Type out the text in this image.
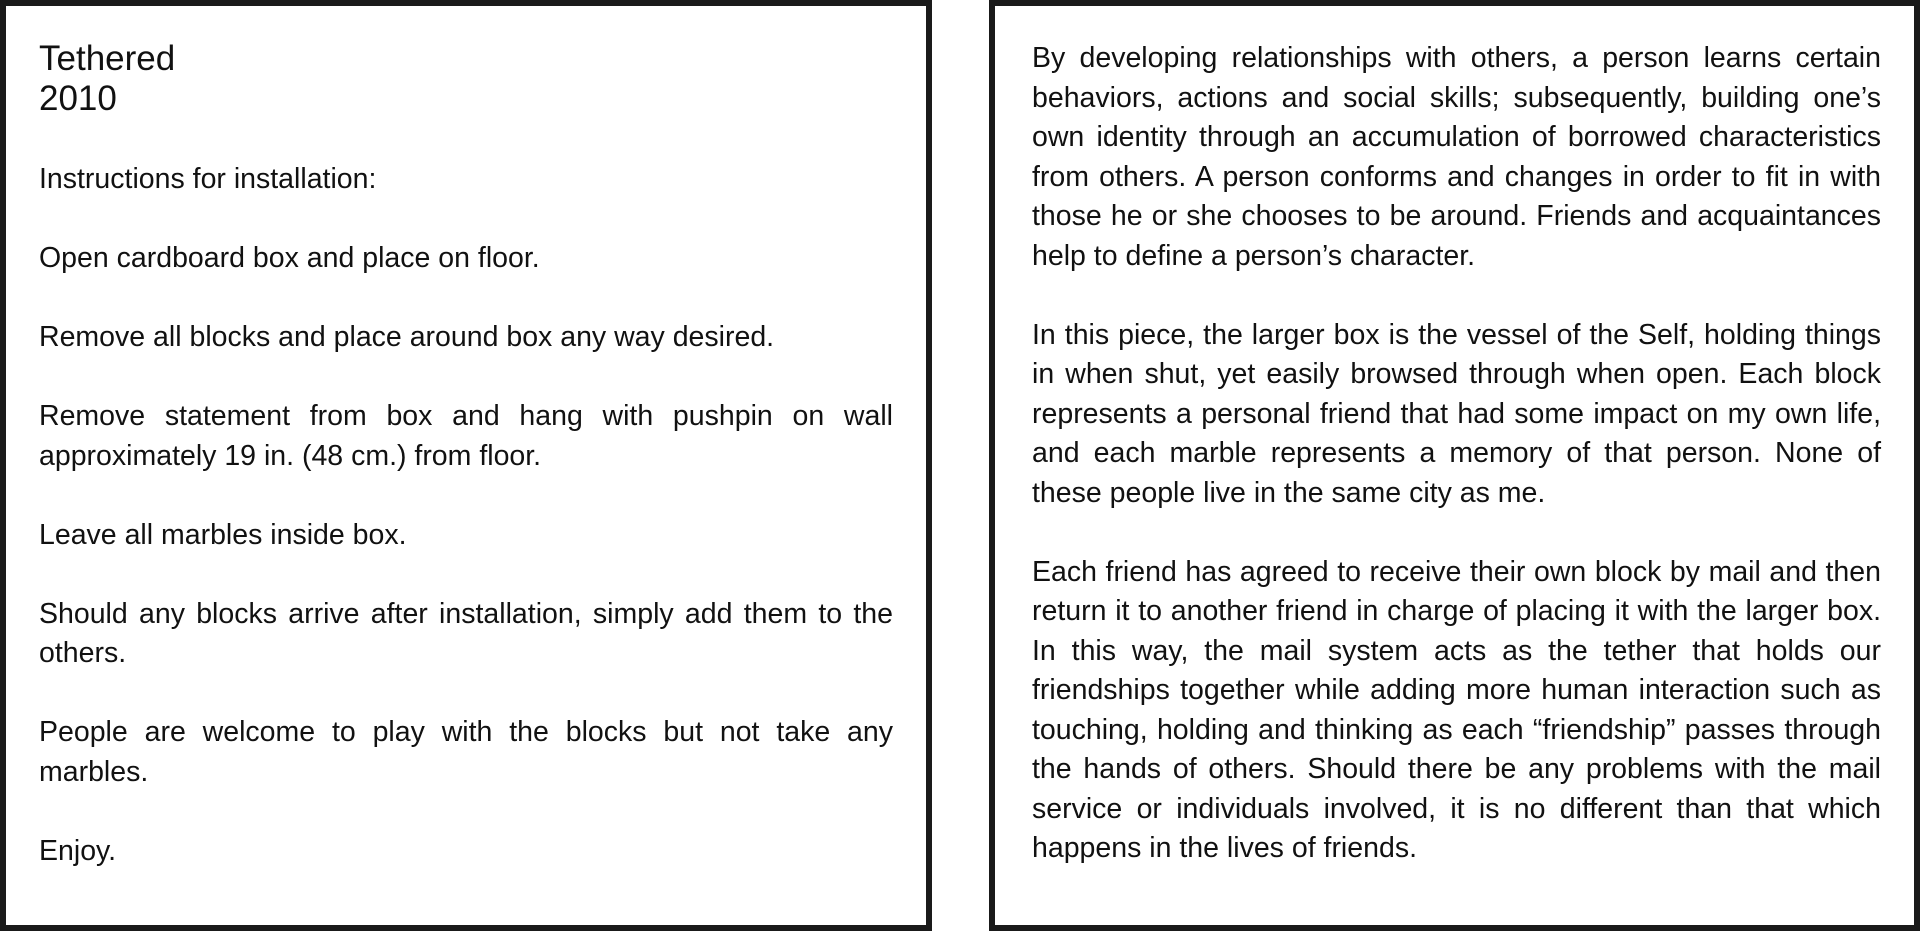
Tethered
2010

Instructions for installation:

Open cardboard box and place on floor.

Remove all blocks and place around box any way desired.

Remove statement from box and hang with pushpin on wall approximately 19 in. (48 cm.) from floor.

Leave all marbles inside box.

Should any blocks arrive after installation, simply add them to the others.

People are welcome to play with the blocks but not take any marbles.

Enjoy.

By developing relationships with others, a person learns certain behaviors, actions and social skills; subsequently, building one’s own identity through an accumulation of borrowed characteristics from others. A person conforms and changes in order to fit in with those he or she chooses to be around. Friends and acquaintances help to define a person’s character.

In this piece, the larger box is the vessel of the Self, holding things in when shut, yet easily browsed through when open. Each block represents a personal friend that had some impact on my own life, and each marble represents a memory of that person. None of these people live in the same city as me.

Each friend has agreed to receive their own block by mail and then return it to another friend in charge of placing it with the larger box. In this way, the mail system acts as the tether that holds our friendships together while adding more human interaction such as touching, holding and thinking as each “friendship” passes through the hands of others. Should there be any problems with the mail service or individuals involved, it is no different than that which happens in the lives of friends.
